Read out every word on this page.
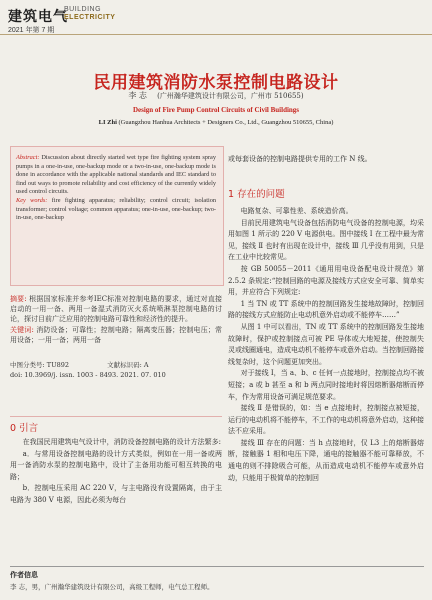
建筑电气
BUILDING
ELECTRICITY
2021 年第 7 期
民用建筑消防水泵控制电路设计
李 志 (广州瀚华建筑设计有限公司，广州市 510655)
Design of Fire Pump Control Circuits of Civil Buildings
LI Zhi (Guangzhou Hanhua Architects + Designers Co., Ltd., Guangzhou 510655, China)
Abstract: Discussion about directly started wet type fire fighting system spray pumps in a one-in-use, one-backup mode or a two-in-use, one-backup mode is done in accordance with the applicable national standards and IEC standard to find out ways to promote reliability and cost efficiency of the currently widely used control circuits.
Key words: fire fighting apparatus; reliability; control circuit; isolation transformer; control voltage; common apparatus; one-in-use, one-backup; two-in-use, one-backup
摘要: 根据国家标准并参考IEC标准对控制电路的要求，通过对直接启动的一用一备、两用一备湿式消防灭火系统喷淋泵控制电路的讨论，探讨目前广泛应用的控制电路可靠性和经济性的提升。
关键词: 消防设备；可靠性；控制电路；隔离变压器；控制电压；常用设备；一用一备；两用一备
中图分类号: TU892	文献标识码: A
doi: 10.3969/j. issn. 1003 - 8493. 2021. 07. 010
0 引言

在我国民用建筑电气设计中，消防设备控制电路的设计方法繁多:

a．与常用设备控制电路的设计方式类似，例如在一用一备或两用一备消防水泵的控制电路中，设计了主备用功能可相互转换的电路；

b．控制电压采用 AC 220 V，与主电路没有设置隔离，由于主电路为 380 V 电源，因此必须为每台

或每套设备的控制电路提供专用的工作 N 线。
1 存在的问题

电路复杂、可靠性差、系统造价高。

目前民用建筑电气设备包括消防电气设备的控制电源，均采用如图 1 所示的 220 V 电源供电。图中接线 Ⅰ 在工程中最为常见，接线 Ⅱ 也时有出现在设计中，接线 Ⅲ 几乎没有用到，只是在工业中比较常见。

按 GB 50055－2011《通用用电设备配电设计规范》第 2.5.2 条规定:“控制回路的电源及接线方式应安全可靠、简单实用，并应符合下列规定:

1 当 TN 或 TT 系统中的控制回路发生接地故障时，控制回路的接线方式应能防止电动机意外启动或不能停车……”

从图 1 中可以看出，TN 或 TT 系统中的控制回路发生接地故障时，保护或控制接点可被 PE 导体或大地短接，使控制失灵或线圈通电，造成电动机不能停车或意外启动。当控制回路接线复杂时，这个问题更加突出。

对于接线 Ⅰ，当 a、b、c 任何一点接地时，控制接点均不被短接；a 或 b 甚至 a 和 b 两点同时接地时将因熔断器熔断而停车，作为常用设备可满足规范要求。

接线 Ⅱ 是错误的，如：当 e 点接地时，控制接点被短接，运行的电动机将不能停车，不工作的电动机将意外启动，这种接法不应采用。

接线 Ⅲ 存在的问题：当 h 点接地时，仅 L3 上的熔断器熔断，接触器 1 相和电压下降，通电的接触器不能可靠释放，不通电的则不排除吸合可能，从而造成电动机不能停车或意外启动，只能用于极简单的控制回

作者信息
李 志，男，广州瀚华建筑设计有限公司，高级工程师，电气总工程师。
